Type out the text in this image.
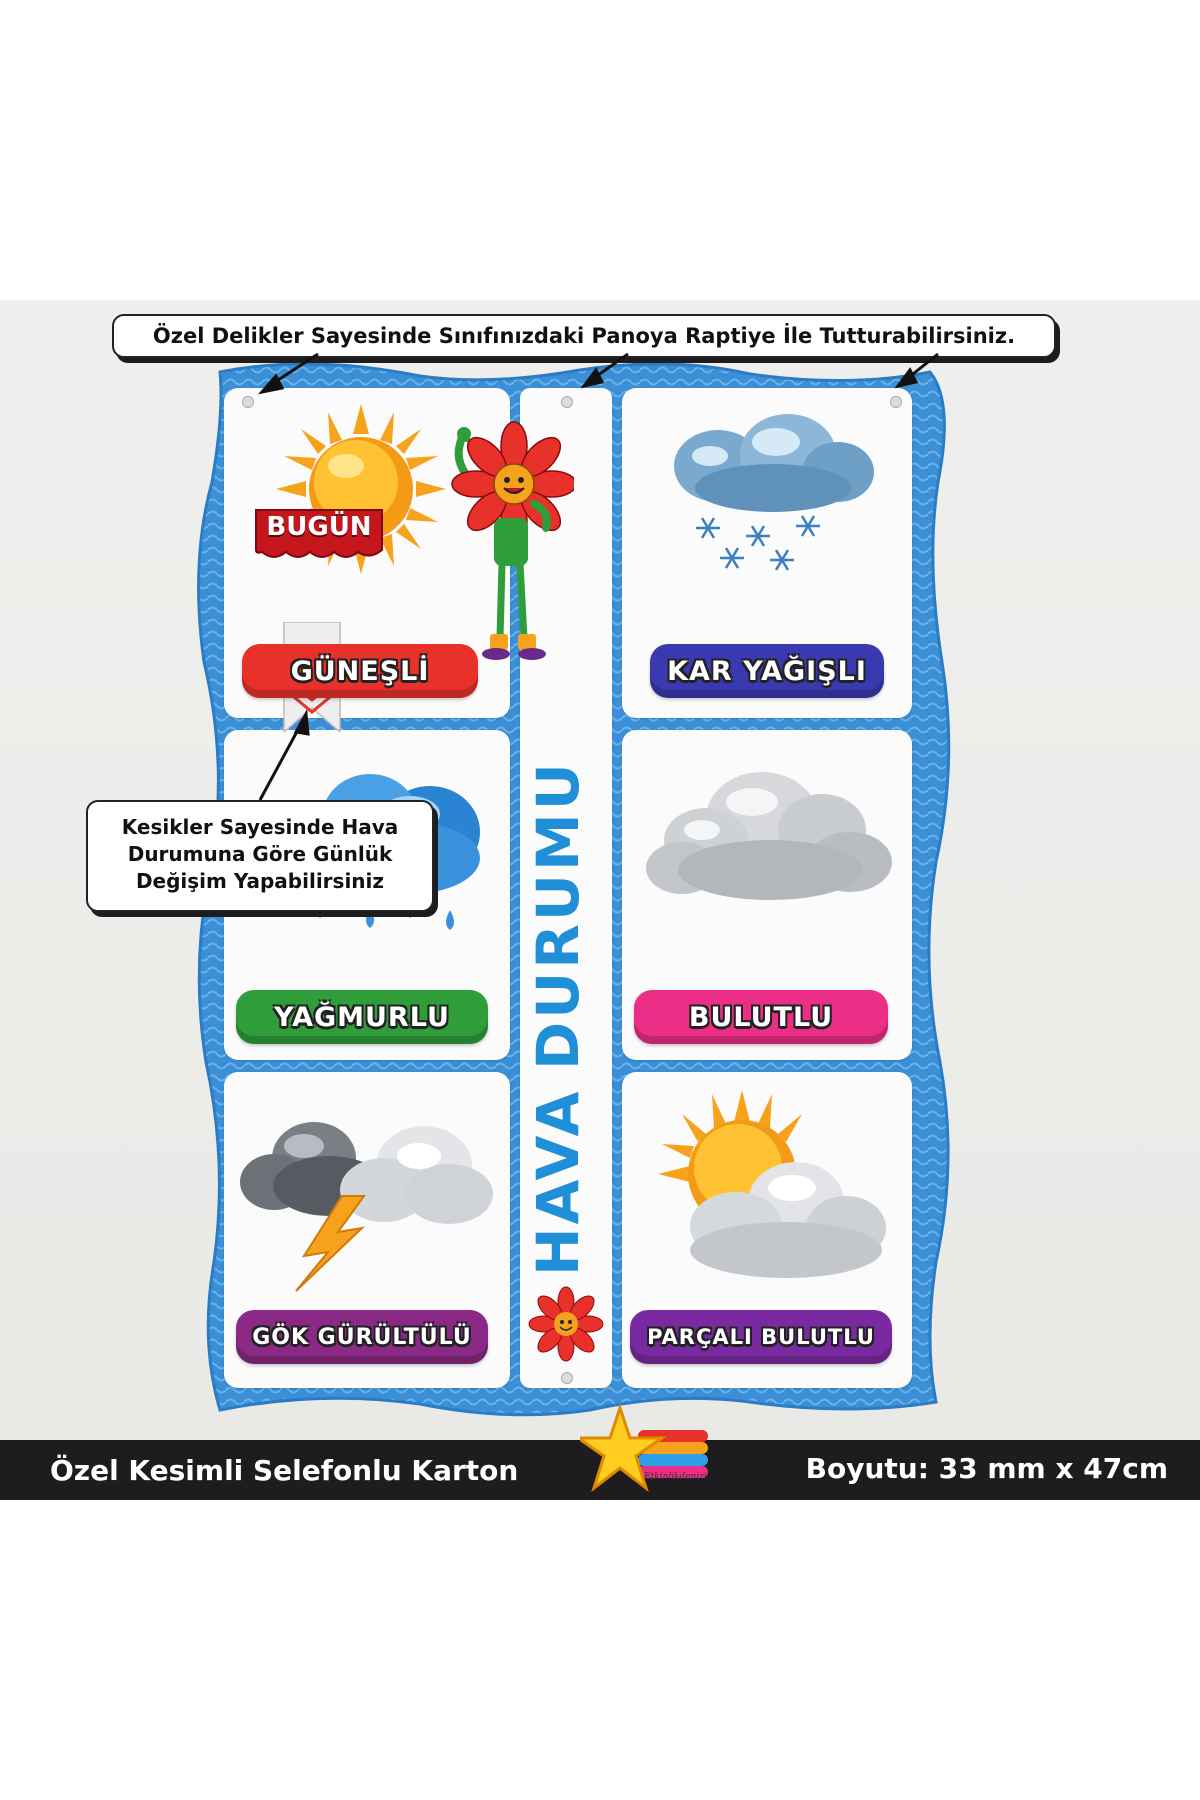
BUGÜN
GÜNEŞLİ	KAR YAĞIŞLI
YAĞMURLU	BULUTLU
GÖK GÜRÜLTÜLÜ	PARÇALI BULUTLU
HAVA
DURUMU
Özel Delikler Sayesinde Sınıfınızdaki Panoya Raptiye İle Tutturabilirsiniz.
Kesikler Sayesinde Hava Durumuna Göre Günlük Değişim Yapabilirsiniz
Özel Kesimli Selefonlu Karton	Boyutu: 33 mm x 47cm
Etkinlikdenizi
